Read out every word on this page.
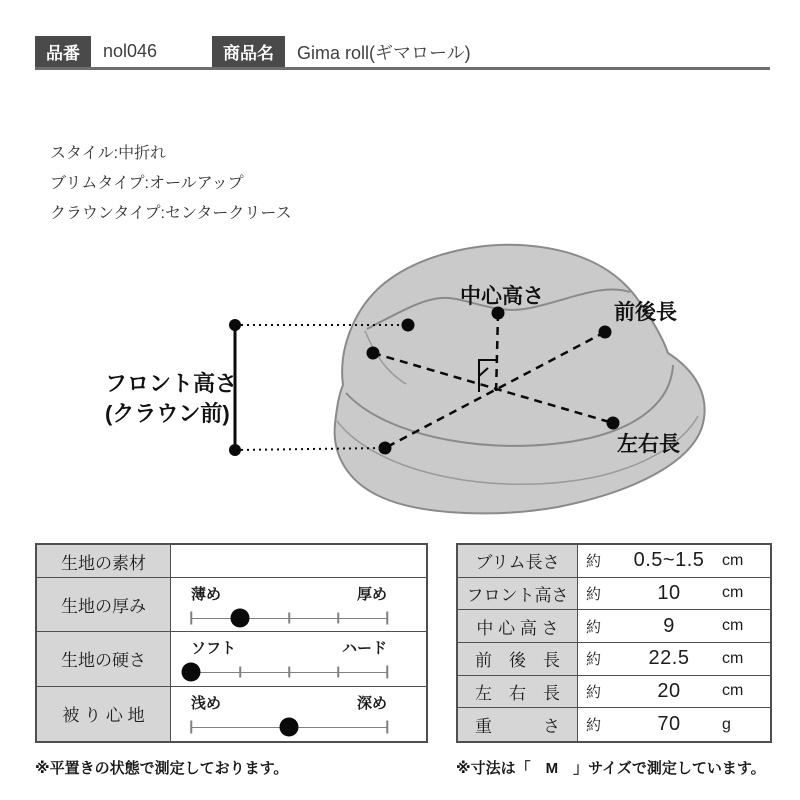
品番	nol046	商品名	Gima roll(ギマロール)
スタイル:中折れ
ブリムタイプ:オールアップ
クラウンタイプ:センタークリース
中心高さ
前後長
フロント高さ
(クラウン前)
左右長
生地の素材
生地の厚み
薄め	厚め
生地の硬さ
ソフト	ハード
被 り 心 地
浅め	深め
ブリム長さ	約	0.5~1.5	cm
フロント高さ	約	10	cm
中 心 高 さ	約	9	cm
前　後　長	約	22.5	cm
左　右　長	約	20	cm
重　　　さ	約	70	g
※平置きの状態で測定しております。	※寸法は「　M　」サイズで測定しています。
